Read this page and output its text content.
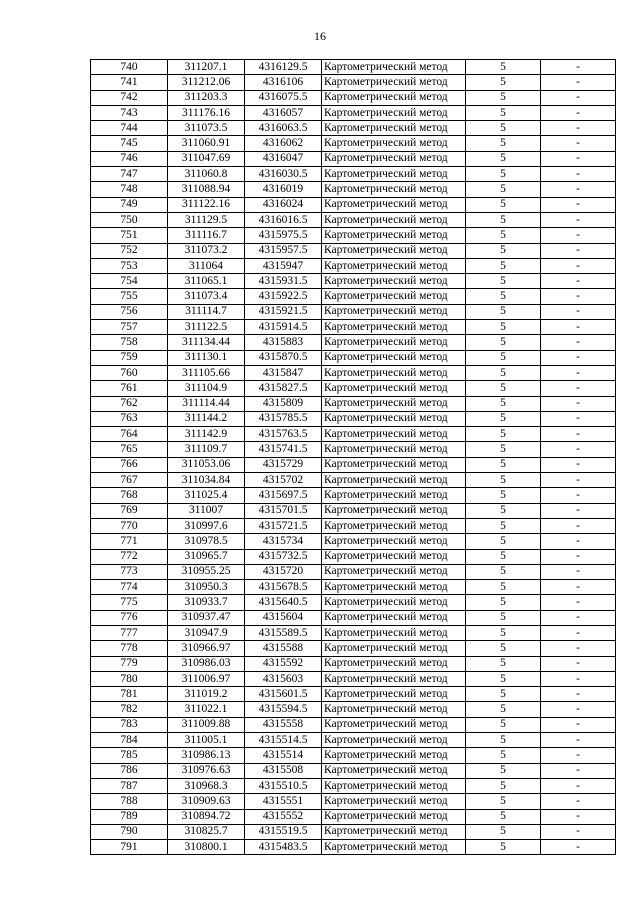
16
740	311207.1	4316129.5	Картометрический метод	5	-
741	311212.06	4316106	Картометрический метод	5	-
742	311203.3	4316075.5	Картометрический метод	5	-
743	311176.16	4316057	Картометрический метод	5	-
744	311073.5	4316063.5	Картометрический метод	5	-
745	311060.91	4316062	Картометрический метод	5	-
746	311047.69	4316047	Картометрический метод	5	-
747	311060.8	4316030.5	Картометрический метод	5	-
748	311088.94	4316019	Картометрический метод	5	-
749	311122.16	4316024	Картометрический метод	5	-
750	311129.5	4316016.5	Картометрический метод	5	-
751	311116.7	4315975.5	Картометрический метод	5	-
752	311073.2	4315957.5	Картометрический метод	5	-
753	311064	4315947	Картометрический метод	5	-
754	311065.1	4315931.5	Картометрический метод	5	-
755	311073.4	4315922.5	Картометрический метод	5	-
756	311114.7	4315921.5	Картометрический метод	5	-
757	311122.5	4315914.5	Картометрический метод	5	-
758	311134.44	4315883	Картометрический метод	5	-
759	311130.1	4315870.5	Картометрический метод	5	-
760	311105.66	4315847	Картометрический метод	5	-
761	311104.9	4315827.5	Картометрический метод	5	-
762	311114.44	4315809	Картометрический метод	5	-
763	311144.2	4315785.5	Картометрический метод	5	-
764	311142.9	4315763.5	Картометрический метод	5	-
765	311109.7	4315741.5	Картометрический метод	5	-
766	311053.06	4315729	Картометрический метод	5	-
767	311034.84	4315702	Картометрический метод	5	-
768	311025.4	4315697.5	Картометрический метод	5	-
769	311007	4315701.5	Картометрический метод	5	-
770	310997.6	4315721.5	Картометрический метод	5	-
771	310978.5	4315734	Картометрический метод	5	-
772	310965.7	4315732.5	Картометрический метод	5	-
773	310955.25	4315720	Картометрический метод	5	-
774	310950.3	4315678.5	Картометрический метод	5	-
775	310933.7	4315640.5	Картометрический метод	5	-
776	310937.47	4315604	Картометрический метод	5	-
777	310947.9	4315589.5	Картометрический метод	5	-
778	310966.97	4315588	Картометрический метод	5	-
779	310986.03	4315592	Картометрический метод	5	-
780	311006.97	4315603	Картометрический метод	5	-
781	311019.2	4315601.5	Картометрический метод	5	-
782	311022.1	4315594.5	Картометрический метод	5	-
783	311009.88	4315558	Картометрический метод	5	-
784	311005.1	4315514.5	Картометрический метод	5	-
785	310986.13	4315514	Картометрический метод	5	-
786	310976.63	4315508	Картометрический метод	5	-
787	310968.3	4315510.5	Картометрический метод	5	-
788	310909.63	4315551	Картометрический метод	5	-
789	310894.72	4315552	Картометрический метод	5	-
790	310825.7	4315519.5	Картометрический метод	5	-
791	310800.1	4315483.5	Картометрический метод	5	-
